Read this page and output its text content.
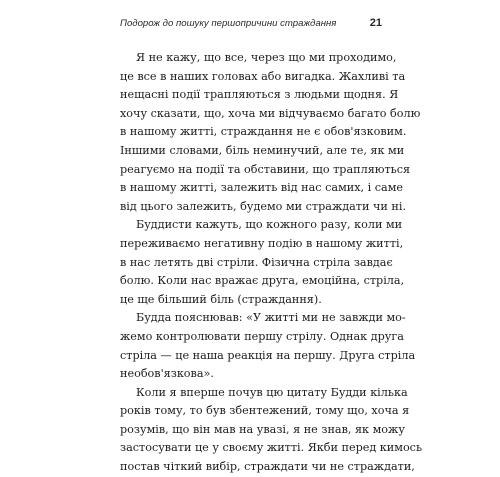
Подорож до пошуку першопричини страждання	21
Я не кажу, що все, через що ми проходимо,
це все в наших головах або вигадка. Жахливі та
нещасні події трапляються з людьми щодня. Я
хочу сказати, що, хоча ми відчуваємо багато болю
в нашому житті, страждання не є обов'язковим.
Іншими словами, біль неминучий, але те, як ми
реагуємо на події та обставини, що трапляються
в нашому житті, залежить від нас самих, і саме
від цього залежить, будемо ми страждати чи ні.
Буддисти кажуть, що кожного разу, коли ми
переживаємо негативну подію в нашому житті,
в нас летять дві стріли. Фізична стріла завдає
болю. Коли нас вражає друга, емоційна, стріла,
це ще більший біль (страждання).
Будда пояснював: «У житті ми не завжди мо-
жемо контролювати першу стрілу. Однак друга
стріла — це наша реакція на першу. Друга стріла
необов'язкова».
Коли я вперше почув цю цитату Будди кілька
років тому, то був збентежений, тому що, хоча я
розумів, що він мав на увазі, я не знав, як можу
застосувати це у своєму житті. Якби перед кимось
постав чіткий вибір, страждати чи не страждати,
